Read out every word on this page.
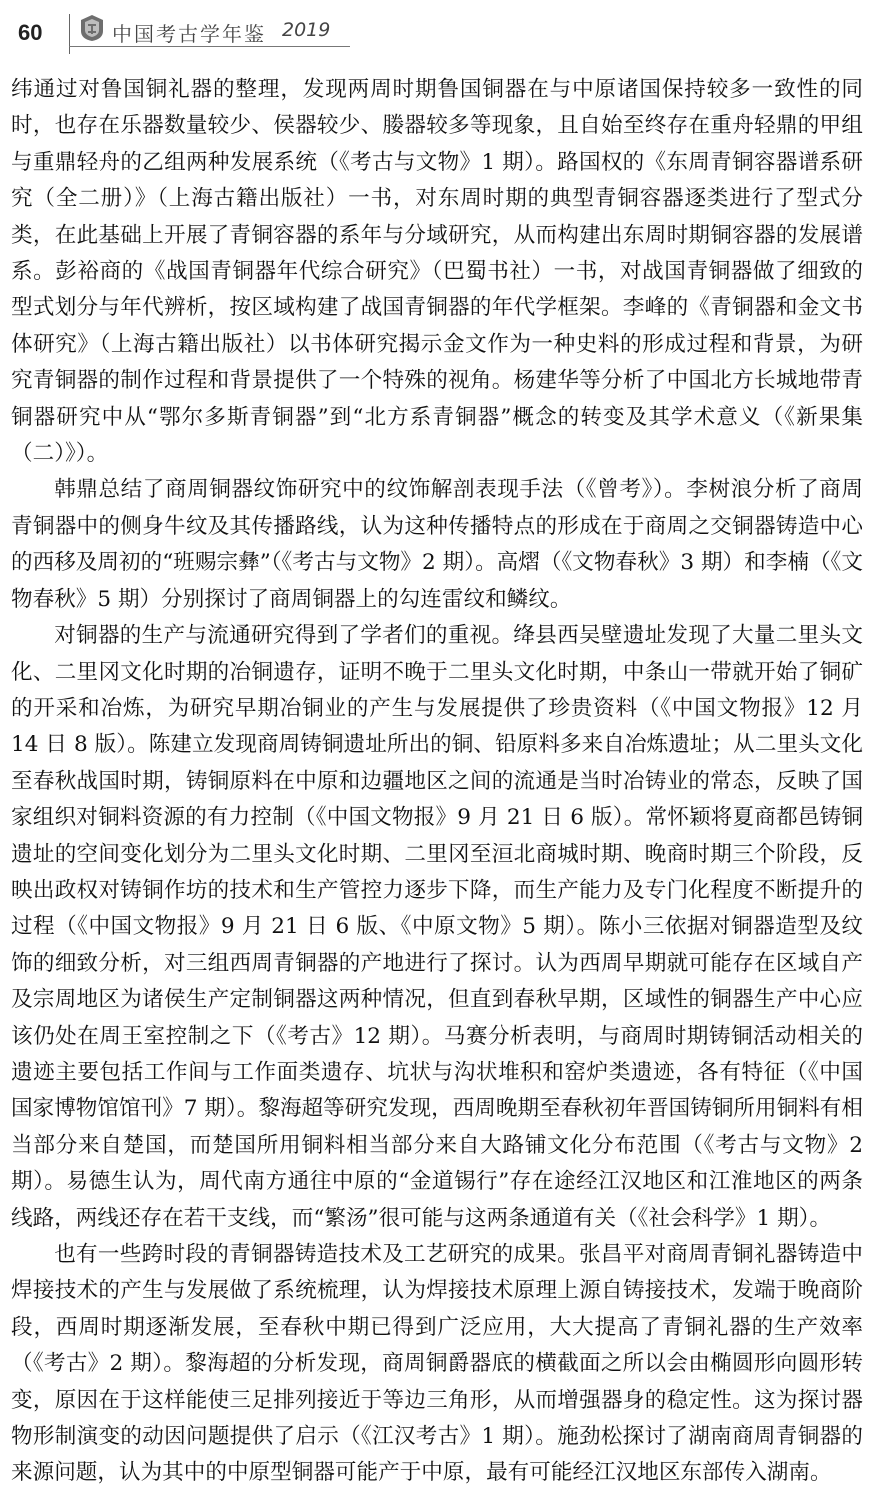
60	中国考古学年鉴 2019

纬通过对鲁国铜礼器的整理，发现两周时期鲁国铜器在与中原诸国保持较多一致性的同时，也存在乐器数量较少、侯器较少、媵器较多等现象，且自始至终存在重舟轻鼎的甲组与重鼎轻舟的乙组两种发展系统（《考古与文物》1 期）。路国权的《东周青铜容器谱系研究（全二册）》（上海古籍出版社）一书，对东周时期的典型青铜容器逐类进行了型式分类，在此基础上开展了青铜容器的系年与分域研究，从而构建出东周时期铜容器的发展谱系。彭裕商的《战国青铜器年代综合研究》（巴蜀书社）一书，对战国青铜器做了细致的型式划分与年代辨析，按区域构建了战国青铜器的年代学框架。李峰的《青铜器和金文书体研究》（上海古籍出版社）以书体研究揭示金文作为一种史料的形成过程和背景，为研究青铜器的制作过程和背景提供了一个特殊的视角。杨建华等分析了中国北方长城地带青铜器研究中从“鄂尔多斯青铜器”到“北方系青铜器”概念的转变及其学术意义（《新果集（二）》）。

韩鼎总结了商周铜器纹饰研究中的纹饰解剖表现手法（《曾考》）。李树浪分析了商周青铜器中的侧身牛纹及其传播路线，认为这种传播特点的形成在于商周之交铜器铸造中心的西移及周初的“班赐宗彝”（《考古与文物》2 期）。高熠（《文物春秋》3 期）和李楠（《文物春秋》5 期）分别探讨了商周铜器上的勾连雷纹和鳞纹。

对铜器的生产与流通研究得到了学者们的重视。绛县西吴壁遗址发现了大量二里头文化、二里冈文化时期的冶铜遗存，证明不晚于二里头文化时期，中条山一带就开始了铜矿的开采和冶炼，为研究早期冶铜业的产生与发展提供了珍贵资料（《中国文物报》12 月 14 日 8 版）。陈建立发现商周铸铜遗址所出的铜、铅原料多来自冶炼遗址；从二里头文化至春秋战国时期，铸铜原料在中原和边疆地区之间的流通是当时冶铸业的常态，反映了国家组织对铜料资源的有力控制（《中国文物报》9 月 21 日 6 版）。常怀颖将夏商都邑铸铜遗址的空间变化划分为二里头文化时期、二里冈至洹北商城时期、晚商时期三个阶段，反映出政权对铸铜作坊的技术和生产管控力逐步下降，而生产能力及专门化程度不断提升的过程（《中国文物报》9 月 21 日 6 版、《中原文物》5 期）。陈小三依据对铜器造型及纹饰的细致分析，对三组西周青铜器的产地进行了探讨。认为西周早期就可能存在区域自产及宗周地区为诸侯生产定制铜器这两种情况，但直到春秋早期，区域性的铜器生产中心应该仍处在周王室控制之下（《考古》12 期）。马赛分析表明，与商周时期铸铜活动相关的遗迹主要包括工作间与工作面类遗存、坑状与沟状堆积和窑炉类遗迹，各有特征（《中国国家博物馆馆刊》7 期）。黎海超等研究发现，西周晚期至春秋初年晋国铸铜所用铜料有相当部分来自楚国，而楚国所用铜料相当部分来自大路铺文化分布范围（《考古与文物》2 期）。易德生认为，周代南方通往中原的“金道锡行”存在途经江汉地区和江淮地区的两条线路，两线还存在若干支线，而“繁汤”很可能与这两条通道有关（《社会科学》1 期）。

也有一些跨时段的青铜器铸造技术及工艺研究的成果。张昌平对商周青铜礼器铸造中焊接技术的产生与发展做了系统梳理，认为焊接技术原理上源自铸接技术，发端于晚商阶段，西周时期逐渐发展，至春秋中期已得到广泛应用，大大提高了青铜礼器的生产效率（《考古》2 期）。黎海超的分析发现，商周铜爵器底的横截面之所以会由椭圆形向圆形转变，原因在于这样能使三足排列接近于等边三角形，从而增强器身的稳定性。这为探讨器物形制演变的动因问题提供了启示（《江汉考古》1 期）。施劲松探讨了湖南商周青铜器的来源问题，认为其中的中原型铜器可能产于中原，最有可能经江汉地区东部传入湖南。
